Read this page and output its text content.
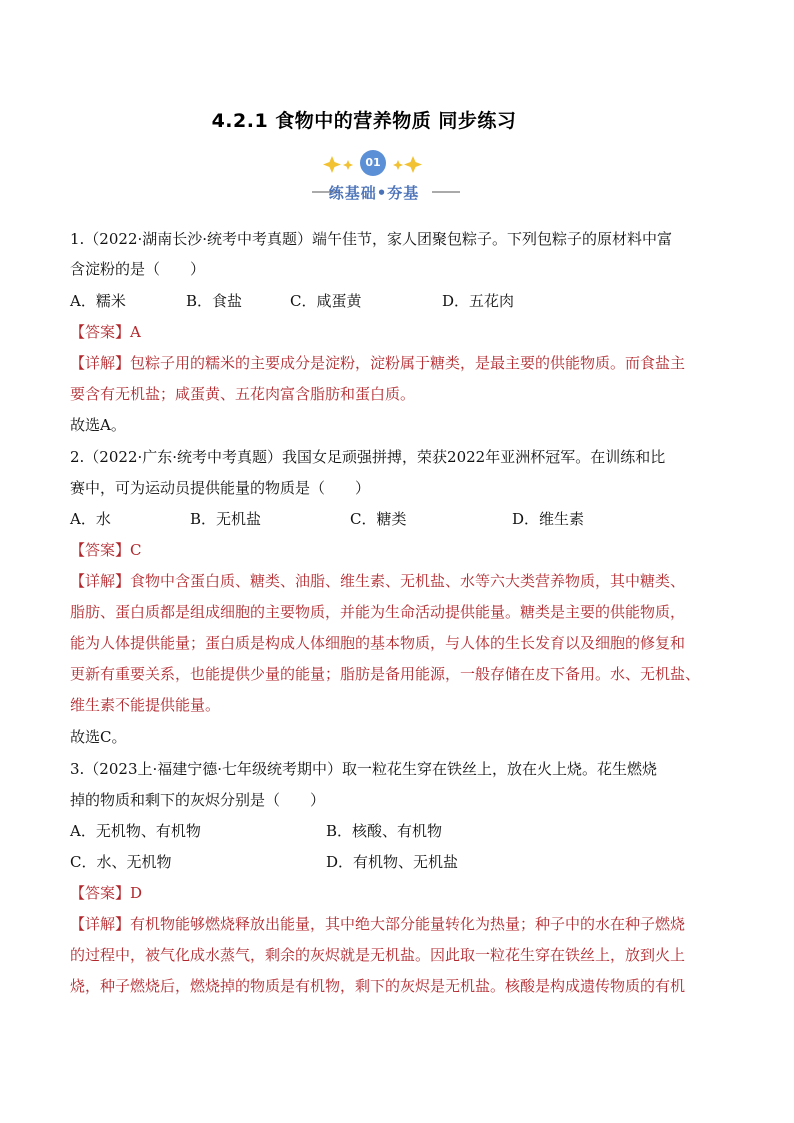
4.2.1 食物中的营养物质 同步练习
01
练基础•夯基
1.（2022·湖南长沙·统考中考真题）端午佳节，家人团聚包粽子。下列包粽子的原材料中富
含淀粉的是（　　）
A．糯米	B．食盐	C．咸蛋黄	D．五花肉
【答案】A
【详解】包粽子用的糯米的主要成分是淀粉，淀粉属于糖类，是最主要的供能物质。而食盐主
要含有无机盐；咸蛋黄、五花肉富含脂肪和蛋白质。
故选A。
2.（2022·广东·统考中考真题）我国女足顽强拼搏，荣获2022年亚洲杯冠军。在训练和比
赛中，可为运动员提供能量的物质是（　　）
A．水	B．无机盐	C．糖类	D．维生素
【答案】C
【详解】食物中含蛋白质、糖类、油脂、维生素、无机盐、水等六大类营养物质，其中糖类、
脂肪、蛋白质都是组成细胞的主要物质，并能为生命活动提供能量。糖类是主要的供能物质，
能为人体提供能量；蛋白质是构成人体细胞的基本物质，与人体的生长发育以及细胞的修复和
更新有重要关系，也能提供少量的能量；脂肪是备用能源，一般存储在皮下备用。水、无机盐、
维生素不能提供能量。
故选C。
3.（2023上·福建宁德·七年级统考期中）取一粒花生穿在铁丝上，放在火上烧。花生燃烧
掉的物质和剩下的灰烬分别是（　　）
A．无机物、有机物	B．核酸、有机物
C．水、无机物	D．有机物、无机盐
【答案】D
【详解】有机物能够燃烧释放出能量，其中绝大部分能量转化为热量；种子中的水在种子燃烧
的过程中，被气化成水蒸气，剩余的灰烬就是无机盐。因此取一粒花生穿在铁丝上，放到火上
烧，种子燃烧后，燃烧掉的物质是有机物，剩下的灰烬是无机盐。核酸是构成遗传物质的有机
